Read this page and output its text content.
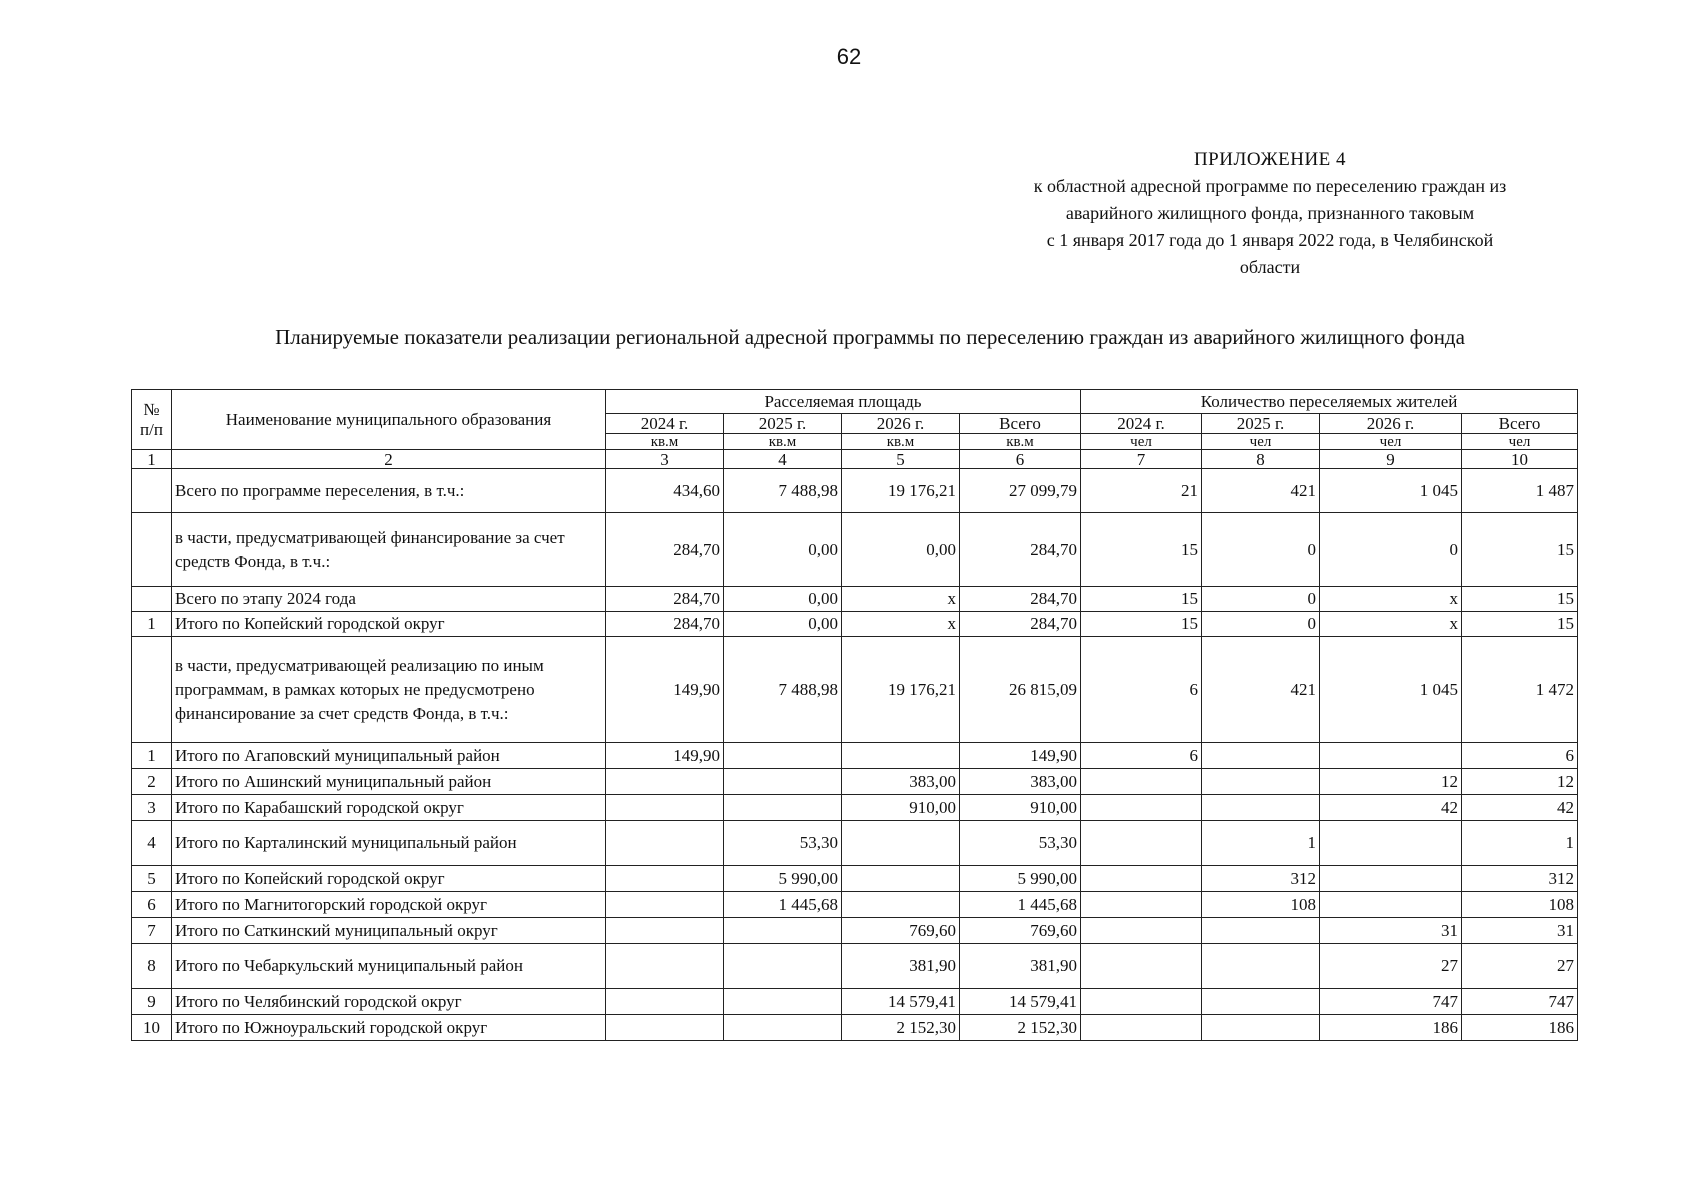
62
ПРИЛОЖЕНИЕ 4
к областной адресной программе по переселению граждан из
аварийного жилищного фонда, признанного таковым
с 1 января 2017 года до 1 января 2022 года, в Челябинской
области
Планируемые показатели реализации региональной адресной программы по переселению граждан из аварийного жилищного фонда
№ п/п	Наименование муниципального образования	Расселяемая площадь				Количество переселяемых жителей			
		2024 г.	2025 г.	2026 г.	Всего	2024 г.	2025 г.	2026 г.	Всего
		кв.м	кв.м	кв.м	кв.м	чел	чел	чел	чел
1	2	3	4	5	6	7	8	9	10
	Всего по программе переселения, в т.ч.:	434,60	7 488,98	19 176,21	27 099,79	21	421	1 045	1 487
	в части, предусматривающей финансирование за счет средств Фонда, в т.ч.:	284,70	0,00	0,00	284,70	15	0	0	15
	Всего по этапу 2024 года	284,70	0,00	x	284,70	15	0	x	15
1	Итого по Копейский городской округ	284,70	0,00	x	284,70	15	0	x	15
	в части, предусматривающей реализацию по иным программам, в рамках которых не предусмотрено финансирование за счет средств Фонда, в т.ч.:	149,90	7 488,98	19 176,21	26 815,09	6	421	1 045	1 472
1	Итого по Агаповский муниципальный район	149,90			149,90	6			6
2	Итого по Ашинский муниципальный район			383,00	383,00			12	12
3	Итого по Карабашский городской округ			910,00	910,00			42	42
4	Итого по Карталинский муниципальный район		53,30		53,30		1		1
5	Итого по Копейский городской округ		5 990,00		5 990,00		312		312
6	Итого по Магнитогорский городской округ		1 445,68		1 445,68		108		108
7	Итого по Саткинский муниципальный округ			769,60	769,60			31	31
8	Итого по Чебаркульский муниципальный район			381,90	381,90			27	27
9	Итого по Челябинский городской округ			14 579,41	14 579,41			747	747
10	Итого по Южноуральский городской округ			2 152,30	2 152,30			186	186
